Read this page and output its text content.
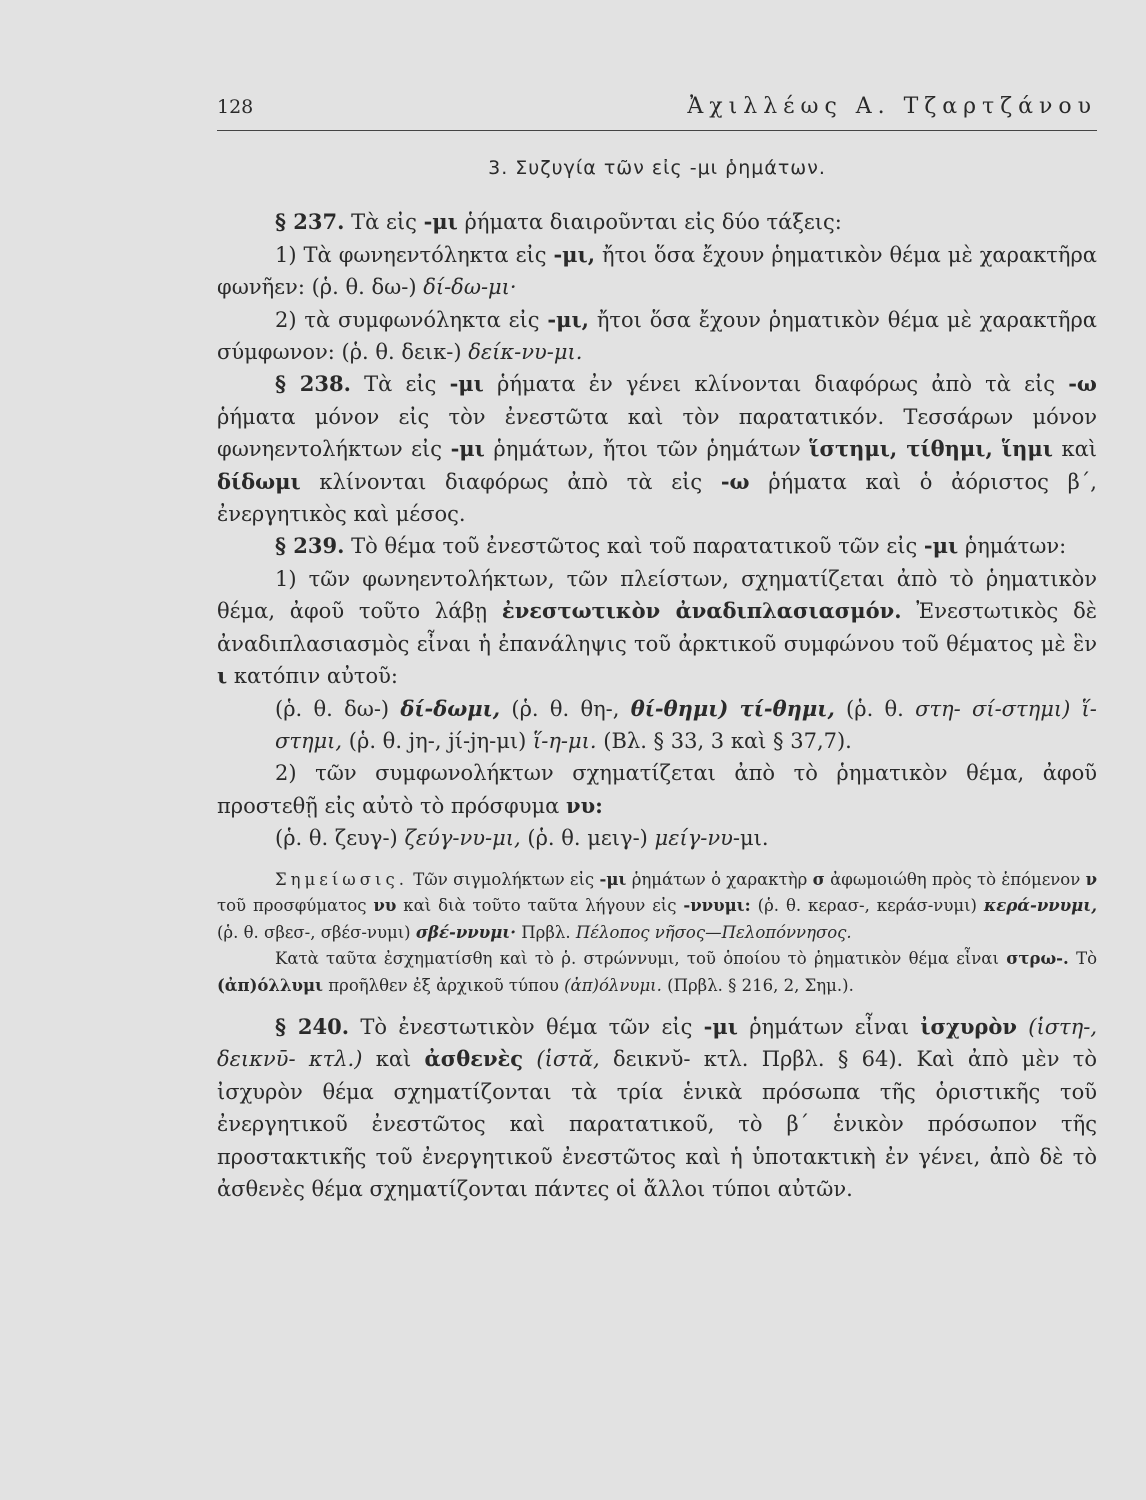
128	Ἀχιλλέως Α. Τζαρτζάνου

3. Συζυγία τῶν εἰς -μι ῥημάτων.

§ 237. Τὰ εἰς -μι ῥήματα διαιροῦνται εἰς δύο τάξεις:

1) Τὰ φωνηεντόληκτα εἰς -μι, ἤτοι ὅσα ἔχουν ῥηματικὸν θέμα μὲ χαρακτῆρα φωνῆεν: (ῥ. θ. δω-) δί-δω-μι·

2) τὰ συμφωνόληκτα εἰς -μι, ἤτοι ὅσα ἔχουν ῥηματικὸν θέμα μὲ χαρακτῆρα σύμφωνον: (ῥ. θ. δεικ-) δείκ-νυ-μι.

§ 238. Τὰ εἰς -μι ῥήματα ἐν γένει κλίνονται διαφόρως ἀπὸ τὰ εἰς -ω ῥήματα μόνον εἰς τὸν ἐνεστῶτα καὶ τὸν παρατατικόν. Τεσσάρων μόνον φωνηεντολήκτων εἰς -μι ῥημάτων, ἤτοι τῶν ῥημάτων ἵστημι, τίθημι, ἵημι καὶ δίδωμι κλίνονται διαφόρως ἀπὸ τὰ εἰς -ω ῥήματα καὶ ὁ ἀόριστος β΄, ἐνεργητικὸς καὶ μέσος.

§ 239. Τὸ θέμα τοῦ ἐνεστῶτος καὶ τοῦ παρατατικοῦ τῶν εἰς -μι ῥημάτων:

1) τῶν φωνηεντολήκτων, τῶν πλείστων, σχηματίζεται ἀπὸ τὸ ῥηματικὸν θέμα, ἀφοῦ τοῦτο λάβῃ ἐνεστωτικὸν ἀναδιπλασιασμόν. Ἐνεστωτικὸς δὲ ἀναδιπλασιασμὸς εἶναι ἡ ἐπανάληψις τοῦ ἀρκτικοῦ συμφώνου τοῦ θέματος μὲ ἓν ι κατόπιν αὐτοῦ:

(ῥ. θ. δω-) δί-δωμι, (ῥ. θ. θη-, θί-θημι) τί-θημι, (ῥ. θ. στη- σί-στημι) ἵ-στημι, (ῥ. θ. jη-, jί-jη-μι) ἵ-η-μι. (Βλ. § 33, 3 καὶ § 37,7).

2) τῶν συμφωνολήκτων σχηματίζεται ἀπὸ τὸ ῥηματικὸν θέμα, ἀφοῦ προστεθῇ εἰς αὐτὸ τὸ πρόσφυμα νυ:

(ῥ. θ. ζευγ-) ζεύγ-νυ-μι, (ῥ. θ. μειγ-) μείγ-νυ-μι.

Σημείωσις. Τῶν σιγμολήκτων εἰς -μι ῥημάτων ὁ χαρακτὴρ σ ἀφωμοιώθη πρὸς τὸ ἑπόμενον ν τοῦ προσφύματος νυ καὶ διὰ τοῦτο ταῦτα λήγουν εἰς -ννυμι: (ῥ. θ. κερασ-, κεράσ-νυμι) κερά-ννυμι, (ῥ. θ. σβεσ-, σβέσ-νυμι) σβέ-ννυμι· Πρβλ. Πέλοπος νῆσος—Πελοπόννησος.

Κατὰ ταῦτα ἐσχηματίσθη καὶ τὸ ῥ. στρώννυμι, τοῦ ὁποίου τὸ ῥηματικὸν θέμα εἶναι στρω-. Τὸ (ἀπ)όλλυμι προῆλθεν ἐξ ἀρχικοῦ τύπου (ἀπ)όλνυμι. (Πρβλ. § 216, 2, Σημ.).

§ 240. Τὸ ἐνεστωτικὸν θέμα τῶν εἰς -μι ῥημάτων εἶναι ἰσχυρὸν (ἱστη-, δεικνῡ- κτλ.) καὶ ἀσθενὲς (ἱστᾰ, δεικνῠ- κτλ. Πρβλ. § 64). Καὶ ἀπὸ μὲν τὸ ἰσχυρὸν θέμα σχηματίζονται τὰ τρία ἑνικὰ πρόσωπα τῆς ὁριστικῆς τοῦ ἐνεργητικοῦ ἐνεστῶτος καὶ παρατατικοῦ, τὸ β΄ ἑνικὸν πρόσωπον τῆς προστακτικῆς τοῦ ἐνεργητικοῦ ἐνεστῶτος καὶ ἡ ὑποτακτικὴ ἐν γένει, ἀπὸ δὲ τὸ ἀσθενὲς θέμα σχηματίζονται πάντες οἱ ἄλλοι τύποι αὐτῶν.
